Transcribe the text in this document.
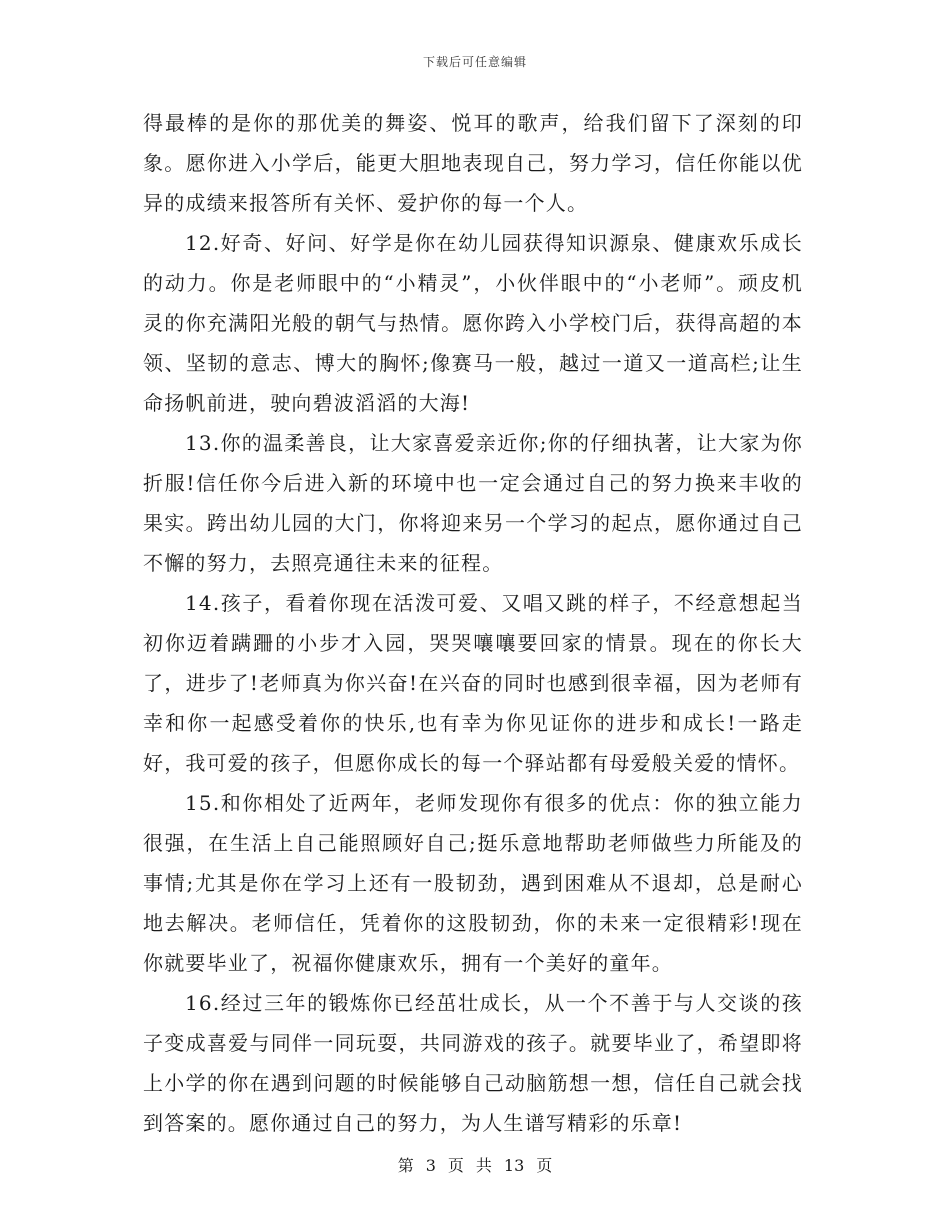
下载后可任意编辑

得最棒的是你的那优美的舞姿、悦耳的歌声，给我们留下了深刻的印象。愿你进入小学后，能更大胆地表现自己，努力学习，信任你能以优异的成绩来报答所有关怀、爱护你的每一个人。

12.好奇、好问、好学是你在幼儿园获得知识源泉、健康欢乐成长的动力。你是老师眼中的“小精灵”，小伙伴眼中的“小老师”。顽皮机灵的你充满阳光般的朝气与热情。愿你跨入小学校门后，获得高超的本领、坚韧的意志、博大的胸怀;像赛马一般，越过一道又一道高栏;让生命扬帆前进，驶向碧波滔滔的大海!

13.你的温柔善良，让大家喜爱亲近你;你的仔细执著，让大家为你折服!信任你今后进入新的环境中也一定会通过自己的努力换来丰收的果实。跨出幼儿园的大门，你将迎来另一个学习的起点，愿你通过自己不懈的努力，去照亮通往未来的征程。

14.孩子，看着你现在活泼可爱、又唱又跳的样子，不经意想起当初你迈着蹒跚的小步才入园，哭哭嚷嚷要回家的情景。现在的你长大了，进步了!老师真为你兴奋!在兴奋的同时也感到很幸福，因为老师有幸和你一起感受着你的快乐,也有幸为你见证你的进步和成长!一路走好，我可爱的孩子，但愿你成长的每一个驿站都有母爱般关爱的情怀。

15.和你相处了近两年，老师发现你有很多的优点：你的独立能力很强，在生活上自己能照顾好自己;挺乐意地帮助老师做些力所能及的事情;尤其是你在学习上还有一股韧劲，遇到困难从不退却，总是耐心地去解决。老师信任，凭着你的这股韧劲，你的未来一定很精彩!现在你就要毕业了，祝福你健康欢乐，拥有一个美好的童年。

16.经过三年的锻炼你已经茁壮成长，从一个不善于与人交谈的孩子变成喜爱与同伴一同玩耍，共同游戏的孩子。就要毕业了，希望即将上小学的你在遇到问题的时候能够自己动脑筋想一想，信任自己就会找到答案的。愿你通过自己的努力，为人生谱写精彩的乐章!

第 3 页 共 13 页
